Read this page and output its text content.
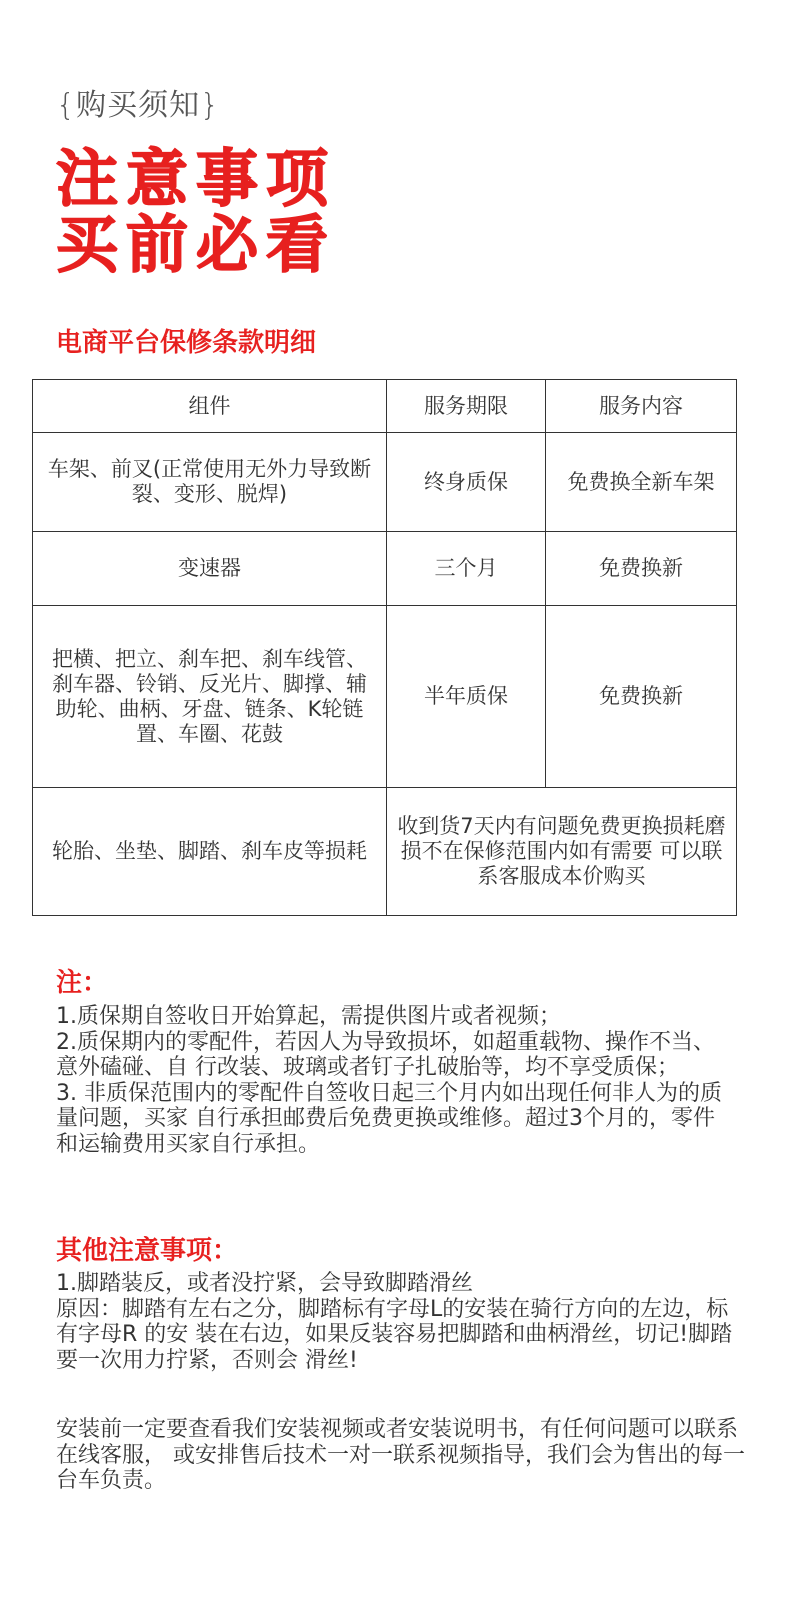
{购买须知}
注意事项
买前必看
电商平台保修条款明细
组件	服务期限	服务内容
车架、前叉(正常使用无外力导致断裂、变形、脱焊)	终身质保	免费换全新车架
变速器	三个月	免费换新
把横、把立、刹车把、刹车线管、刹车器、铃销、反光片、脚撑、辅助轮、曲柄、牙盘、链条、K轮链置、车圈、花鼓	半年质保	免费换新
轮胎、坐垫、脚踏、刹车皮等损耗	收到货7天内有问题免费更换损耗磨损不在保修范围内如有需要 可以联系客服成本价购买	
注：
1.质保期自签收日开始算起，需提供图片或者视频；
2.质保期内的零配件，若因人为导致损坏，如超重载物、操作不当、意外磕碰、自 行改装、玻璃或者钉子扎破胎等，均不享受质保；
3. 非质保范围内的零配件自签收日起三个月内如出现任何非人为的质量问题，买家 自行承担邮费后免费更换或维修。超过3个月的，零件和运输费用买家自行承担。
其他注意事项：
1.脚踏装反，或者没拧紧，会导致脚踏滑丝
原因：脚踏有左右之分，脚踏标有字母L的安装在骑行方向的左边，标有字母R 的安 装在右边，如果反装容易把脚踏和曲柄滑丝，切记!脚踏要一次用力拧紧，否则会 滑丝!
安装前一定要查看我们安装视频或者安装说明书，有任何问题可以联系在线客服， 或安排售后技术一对一联系视频指导，我们会为售出的每一台车负责。
